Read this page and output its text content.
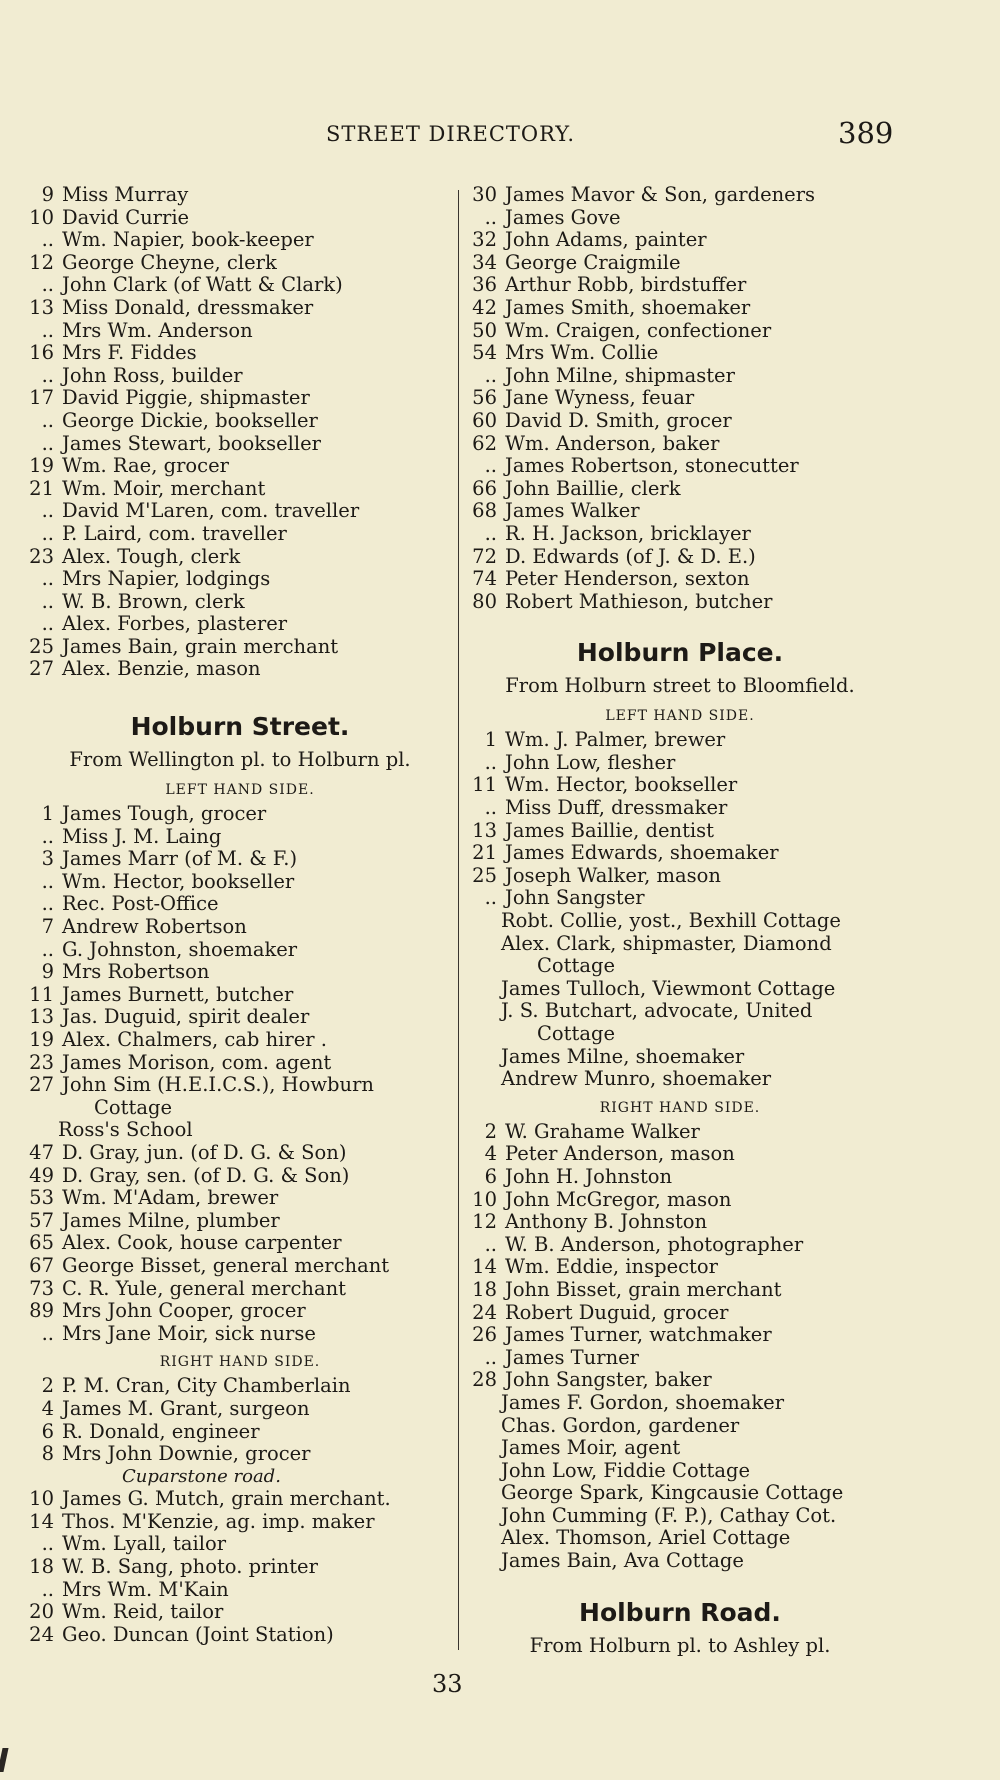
STREET DIRECTORY.	389
9 Miss Murray
10 David Currie
.. Wm. Napier, book-keeper
12 George Cheyne, clerk
.. John Clark (of Watt & Clark)
13 Miss Donald, dressmaker
.. Mrs Wm. Anderson
16 Mrs F. Fiddes
.. John Ross, builder
17 David Piggie, shipmaster
.. George Dickie, bookseller
.. James Stewart, bookseller
19 Wm. Rae, grocer
21 Wm. Moir, merchant
.. David M'Laren, com. traveller
.. P. Laird, com. traveller
23 Alex. Tough, clerk
.. Mrs Napier, lodgings
.. W. B. Brown, clerk
.. Alex. Forbes, plasterer
25 James Bain, grain merchant
27 Alex. Benzie, mason
Holburn Street.
From Wellington pl. to Holburn pl.
LEFT HAND SIDE.
1 James Tough, grocer
.. Miss J. M. Laing
3 James Marr (of M. & F.)
.. Wm. Hector, bookseller
.. Rec. Post-Office
7 Andrew Robertson
.. G. Johnston, shoemaker
9 Mrs Robertson
11 James Burnett, butcher
13 Jas. Duguid, spirit dealer
19 Alex. Chalmers, cab hirer .
23 James Morison, com. agent
27 John Sim (H.E.I.C.S.), Howburn
Cottage
Ross's School
47 D. Gray, jun. (of D. G. & Son)
49 D. Gray, sen. (of D. G. & Son)
53 Wm. M'Adam, brewer
57 James Milne, plumber
65 Alex. Cook, house carpenter
67 George Bisset, general merchant
73 C. R. Yule, general merchant
89 Mrs John Cooper, grocer
.. Mrs Jane Moir, sick nurse
RIGHT HAND SIDE.
2 P. M. Cran, City Chamberlain
4 James M. Grant, surgeon
6 R. Donald, engineer
8 Mrs John Downie, grocer
Cuparstone road.
10 James G. Mutch, grain merchant.
14 Thos. M'Kenzie, ag. imp. maker
.. Wm. Lyall, tailor
18 W. B. Sang, photo. printer
.. Mrs Wm. M'Kain
20 Wm. Reid, tailor
24 Geo. Duncan (Joint Station)
30 James Mavor & Son, gardeners
.. James Gove
32 John Adams, painter
34 George Craigmile
36 Arthur Robb, birdstuffer
42 James Smith, shoemaker
50 Wm. Craigen, confectioner
54 Mrs Wm. Collie
.. John Milne, shipmaster
56 Jane Wyness, feuar
60 David D. Smith, grocer
62 Wm. Anderson, baker
.. James Robertson, stonecutter
66 John Baillie, clerk
68 James Walker
.. R. H. Jackson, bricklayer
72 D. Edwards (of J. & D. E.)
74 Peter Henderson, sexton
80 Robert Mathieson, butcher
Holburn Place.
From Holburn street to Bloomfield.
LEFT HAND SIDE.
1 Wm. J. Palmer, brewer
.. John Low, flesher
11 Wm. Hector, bookseller
.. Miss Duff, dressmaker
13 James Baillie, dentist
21 James Edwards, shoemaker
25 Joseph Walker, mason
.. John Sangster
Robt. Collie, yost., Bexhill Cottage
Alex. Clark, shipmaster, Diamond
Cottage
James Tulloch, Viewmont Cottage
J. S. Butchart, advocate, United
Cottage
James Milne, shoemaker
Andrew Munro, shoemaker
RIGHT HAND SIDE.
2 W. Grahame Walker
4 Peter Anderson, mason
6 John H. Johnston
10 John McGregor, mason
12 Anthony B. Johnston
.. W. B. Anderson, photographer
14 Wm. Eddie, inspector
18 John Bisset, grain merchant
24 Robert Duguid, grocer
26 James Turner, watchmaker
.. James Turner
28 John Sangster, baker
James F. Gordon, shoemaker
Chas. Gordon, gardener
James Moir, agent
John Low, Fiddie Cottage
George Spark, Kingcausie Cottage
John Cumming (F. P.), Cathay Cot.
Alex. Thomson, Ariel Cottage
James Bain, Ava Cottage
Holburn Road.
From Holburn pl. to Ashley pl.
33
